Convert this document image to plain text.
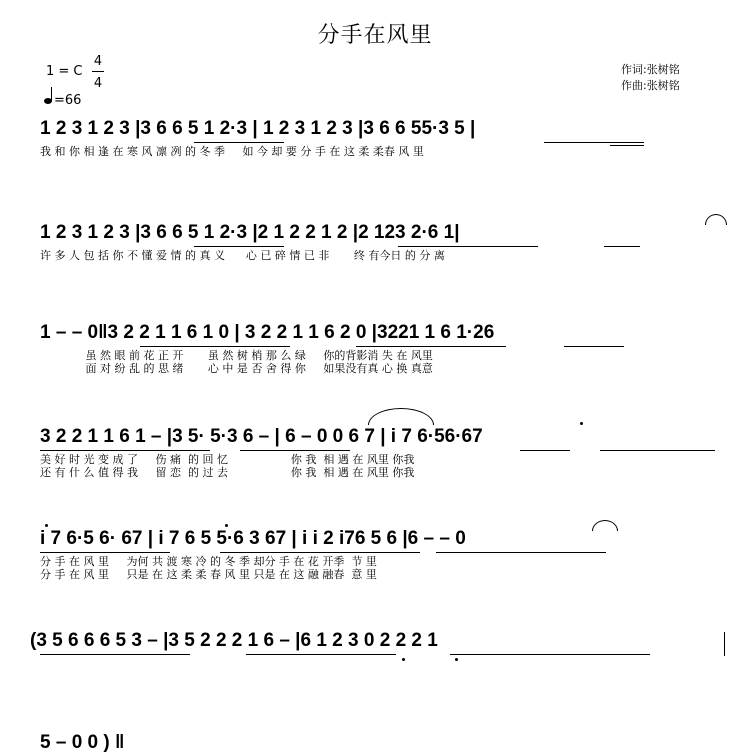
分手在风里
1 = C
4
4
=66
作词:张树铭
作曲:张树铭
1 2 3 1 2 3 |3 6 6 5 1 2·3 | 1 2 3 1 2 3 |3 6 6 55·3 5 |
我 和 你 相 逢 在 寒 风 凛 冽 的 冬 季     如 今 却 要 分 手 在 这 柔 柔春 风 里
1 2 3 1 2 3 |3 6 6 5 1 2·3 |2 1 2 2 1 2 |2 123 2·6 1|
许 多 人 包 括 你 不 懂 爱 情 的 真 义      心 已 碎 情 已 非       终 有今日 的 分 离
1 – – 0‖3 2 2 1 1 6 1 0 | 3 2 2 1 1 6 2 0 |3221 1 6 1·26
虽 然 眼 前 花 正 开       虽 然 树 梢 那 么 绿     你的背影消 失 在 风里
面 对 纷 乱 的 思 绪       心 中 是 否 舍 得 你     如果没有真 心 换 真意
3 2 2 1 1 6 1 – |3 5· 5·3 6 – | 6 – 0 0 6 7 | i 7 6·56·67
美 好 时 光 变 成 了     伤 痛  的 回 忆                  你 我  相 遇 在 风里 你我
还 有 什 么 值 得 我     留 恋  的 过 去                  你 我  相 遇 在 风里 你我
i 7 6·5 6· 67 | i 7 6 5 5·6 3 67 | i i 2 i76 5 6 |6 – – 0
分 手 在 风 里     为何 共 渡 寒 冷 的 冬 季 却分 手 在 花 开季  节 里
分 手 在 风 里     只是 在 这 柔 柔 春 风 里 只是 在 这 融 融春  意 里
(3 5 6 6 6 5 3 – |3 5 2 2 2 1 6 – |6 1 2 3 0 2 2 2 1
5 – 0 0 ) ‖
